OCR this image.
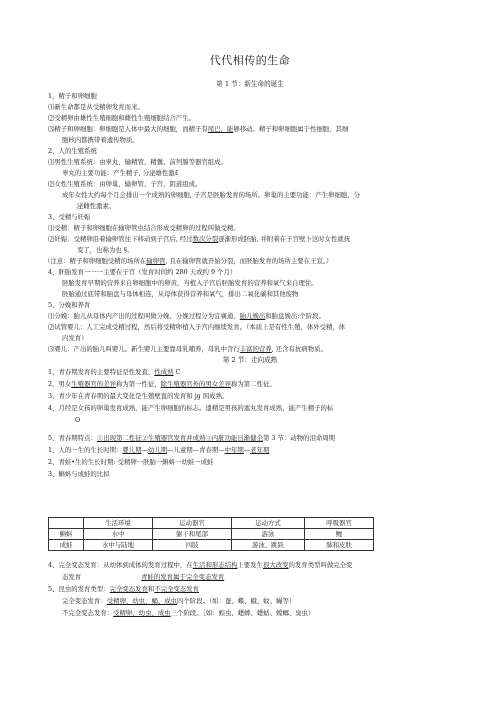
代代相传的生命
第 1 节：新生命的诞生
1、精子和卵细胞
⑴新生命都是从受精卵发育而来。
⑵受精卵由雄性生殖细胞和雌性生殖细胞结合产生。
⑶精子和卵细胞：卵细胞是人体中最大的细胞，而精子有尾巴，能够移动。精子和卵细胞属于性细胞，其细
胞核内都携带着遗传物质。
2、人的生殖系统
⑴男性生殖系统：由睾丸、输精管、精囊、前列腺等器官组成。
睾丸的主要功能：产生精子, 分泌雄性激£
⑵女性生殖系统：由卵巢、输卵管、子宫、阴道组成。
成年女性大约每个月会排出一个成熟的卵细胞, 子宫是胚胎发育的场所。卵巢的主要功能：产生卵细胞，分
泌雌性激素。
3、受精与妊娠
⑴受精：精子和卵细胞在输卵管虫结合形成受精卵的过程叫做受精。
⑵妊娠：受精卵沿着输卵管往下移动到子宫后, 经过数次分裂逐渐形成胚胎, 并附着在子宫壁卜这时女性就抚
变了，也称为也 §。
（注意：精子和卵细胞受精的场所在输卵管, 且在输卵管就开始分裂，而胚胎发育的场所主要在王宣。）
4、胚胎发育一一一主要在子宫（发育时间约 280 天或约 9 个月）
胚胎发育早期的营养来自卵细胞中的卵黄，当植入子宫后胚胎发育的营养和氧气来自理住。
胚胎通过底带和胎盘与母体相连，从母体获得营养和氧气，排出二氧化碳和其他废物
5、分娩和养育
⑴分娩：胎儿从母体内产出的过程叫做分娩。分娩过程分为宜襄通、胎儿娩出和胎盘娩出:个阶段。
⑵试管婴儿：人工完成受精过程，然后将受精卵植入子宫内继续发育。（本质上是有性生殖，体外受精，体
内发育）
⑶婴儿：产出的胎儿叫婴儿。新生婴儿主要靠母乳哺养，母乳中含行丰富的营养, 还含有抗病物质。
第 2 节：走向成熟
1、青春期发育的主要特征是性发直、性成熟 C
2、男女生殖器官的差异称为第一性征，除生殖器官外的男女差异称为第二性征。
3、青少年在青春期的最大变化是生殖壁直的发育和 jg 困成熟。
4、月经是女孩的卵巢发育成熟，能产生卵细胞的标志。遗精是男孩的塞丸发育成熟，能产生精子的标
O
5、青春期特点：①出现第二性征②生殖器官发育并成熟③内脏功能日渐健全第 3 节：动物的泪命周期
1、人的一生的生长时期：婴儿期—幼儿期—儿童期—青春期—中年期—老年期
2、青蛙•生的生长时期: 受精卵一胚胎一蝌蚪一幼蛙一成蛙
3、蝌蚪与成蛙的比拟
	生活环境	运动器官	运动方式	呼吸器官
蝌蚪	水中	躯干和尾部	游泳	鲤
成蛙	水中与陆地	四肢	游泳、跳跃	肺和皮肤
4、完全变态发育：从幼体到成体的发育过程中，在生活和形态结构上要发生很大改变的发育类型叫做完全变
态发育	青蛙的发育属于完全变态发育
5、昆虫的发育类型：完全变态发育和不完全变态发育
完全变态发育：受精卵、幼虫、蛹、成虫四个阶段。（如：蚕、蝶、蛾、蚊、蝇等）
不完全变态发育：受精卵、幼虫、成虫三个阶段。［如：蝗虫、蟋蟀、蟋蛄、螳螂、臭虫）
